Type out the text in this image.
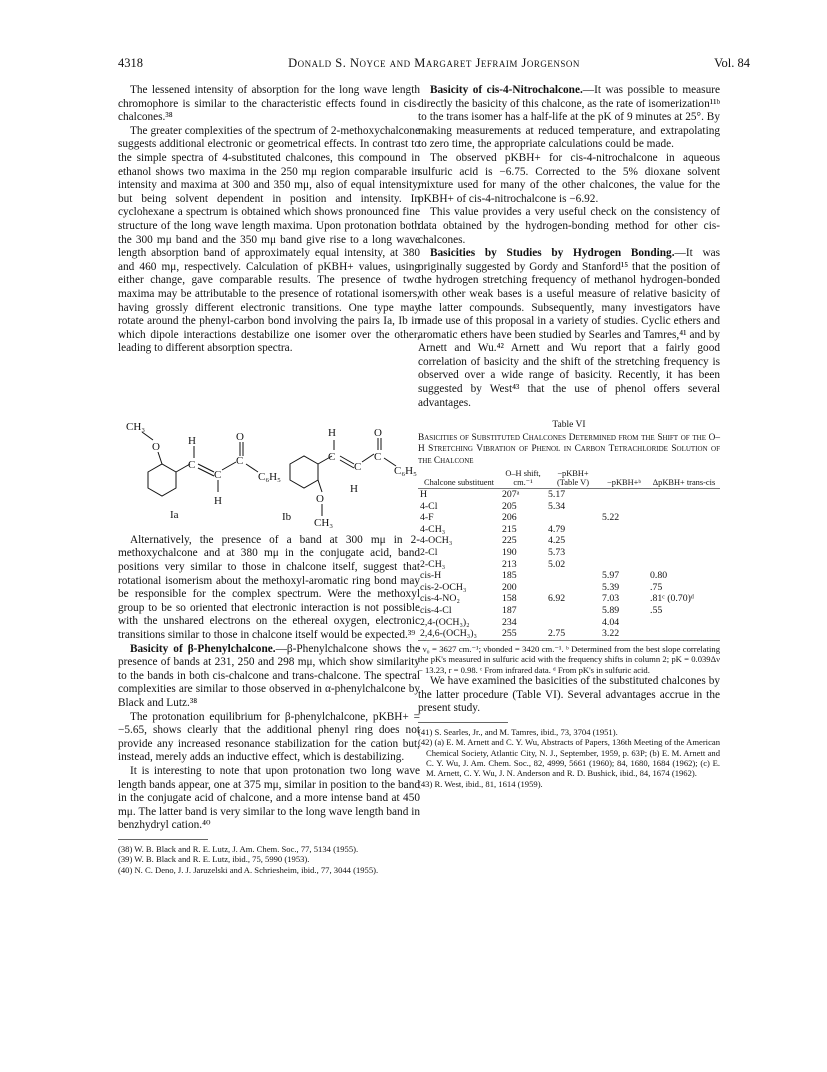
4318	Donald S. Noyce and Margaret Jefraim Jorgenson	Vol. 84

The lessened intensity of absorption for the long wave length chromophore is similar to the characteristic effects found in cis-chalcones.³⁸

The greater complexities of the spectrum of 2-methoxychalcone suggests additional electronic or geometrical effects. In contrast to the simple spectra of 4-substituted chalcones, this compound in ethanol shows two maxima in the 250 mμ region comparable in intensity and maxima at 300 and 350 mμ, also of equal intensity, but being solvent dependent in position and intensity. In cyclohexane a spectrum is obtained which shows pronounced fine structure of the long wave length maxima. Upon protonation both the 300 mμ band and the 350 mμ band give rise to a long wave length absorption band of approximately equal intensity, at 380 and 460 mμ, respectively. Calculation of pKBH+ values, using either change, gave comparable results. The presence of two maxima may be attributable to the presence of rotational isomers, having grossly different electronic transitions. One type may rotate around the phenyl-carbon bond involving the pairs Ia, Ib in which dipole interactions destabilize one isomer over the other, leading to different absorption spectra.

CH₃
O	H
C
C
O
C
C₆H₅
H
Ia
H
C
C
O
C
C₆H₅
H
O
CH₃
Ib

Alternatively, the presence of a band at 300 mμ in 2-methoxychalcone and at 380 mμ in the conjugate acid, band positions very similar to those in chalcone itself, suggest that rotational isomerism about the methoxyl-aromatic ring bond may be responsible for the complex spectrum. Were the methoxyl group to be so oriented that electronic interaction is not possible with the unshared electrons on the ethereal oxygen, electronic transitions similar to those in chalcone itself would be expected.³⁹

Basicity of β-Phenylchalcone.—β-Phenylchalcone shows the presence of bands at 231, 250 and 298 mμ, which show similarity to the bands in both cis-chalcone and trans-chalcone. The spectral complexities are similar to those observed in α-phenylchalcone by Black and Lutz.³⁸

The protonation equilibrium for β-phenylchalcone, pKBH+ = −5.65, shows clearly that the additional phenyl ring does not provide any increased resonance stabilization for the cation but, instead, merely adds an inductive effect, which is destabilizing.

It is interesting to note that upon protonation two long wave length bands appear, one at 375 mμ, similar in position to the band in the conjugate acid of chalcone, and a more intense band at 450 mμ. The latter band is very similar to the long wave length band in benzhydryl cation.⁴⁰

(38) W. B. Black and R. E. Lutz, J. Am. Chem. Soc., 77, 5134 (1955).
(39) W. B. Black and R. E. Lutz, ibid., 75, 5990 (1953).
(40) N. C. Deno, J. J. Jaruzelski and A. Schriesheim, ibid., 77, 3044 (1955).

Basicity of cis-4-Nitrochalcone.—It was possible to measure directly the basicity of this chalcone, as the rate of isomerization¹¹ᵇ to the trans isomer has a half-life at the pK of 9 minutes at 25°. By making measurements at reduced temperature, and extrapolating to zero time, the appropriate calculations could be made.

The observed pKBH+ for cis-4-nitrochalcone in aqueous sulfuric acid is −6.75. Corrected to the 5% dioxane solvent mixture used for many of the other chalcones, the value for the pKBH+ of cis-4-nitrochalcone is −6.92.

This value provides a very useful check on the consistency of data obtained by the hydrogen-bonding method for other cis-chalcones.

Basicities by Studies by Hydrogen Bonding.—It was originally suggested by Gordy and Stanford¹⁵ that the position of the hydrogen stretching frequency of methanol hydrogen-bonded with other weak bases is a useful measure of relative basicity of the latter compounds. Subsequently, many investigators have made use of this proposal in a variety of studies. Cyclic ethers and aromatic ethers have been studied by Searles and Tamres,⁴¹ and by Arnett and Wu.⁴² Arnett and Wu report that a fairly good correlation of basicity and the shift of the stretching frequency is observed over a wide range of basicity. Recently, it has been suggested by West⁴³ that the use of phenol offers several advantages.

Table VI
Basicities of Substituted Chalcones Determined from the Shift of the O–H Stretching Vibration of Phenol in Carbon Tetrachloride Solution of the Chalcone
Chalcone substituent	O–H shift, cm.⁻¹	−pKBH+ (Table V)	−pKBH+ᵇ	ΔpKBH+ trans-cis
H	207ᵃ	5.17		
4-Cl	205	5.34		
4-F	206		5.22	
4-CH₃	215	4.79		
4-OCH₃	225	4.25		
2-Cl	190	5.73		
2-CH₃	213	5.02		
cis-H	185		5.97	0.80
cis-2-OCH₃	200		5.39	.75
cis-4-NO₂	158	6.92	7.03	.81ᶜ (0.70)ᵈ
cis-4-Cl	187		5.89	.55
2,4-(OCH₃)₂	234		4.04	
2,4,6-(OCH₃)₃	255	2.75	3.22	
ᵃ ν₀ = 3627 cm.⁻¹; νbonded = 3420 cm.⁻¹. ᵇ Determined from the best slope correlating the pK's measured in sulfuric acid with the frequency shifts in column 2; pK = 0.039Δν − 13.23, r = 0.98. ᶜ From infrared data. ᵈ From pK's in sulfuric acid.

We have examined the basicities of the substituted chalcones by the latter procedure (Table VI). Several advantages accrue in the present study.

(41) S. Searles, Jr., and M. Tamres, ibid., 73, 3704 (1951).
(42) (a) E. M. Arnett and C. Y. Wu, Abstracts of Papers, 136th Meeting of the American Chemical Society, Atlantic City, N. J., September, 1959, p. 63P; (b) E. M. Arnett and C. Y. Wu, J. Am. Chem. Soc., 82, 4999, 5661 (1960); 84, 1680, 1684 (1962); (c) E. M. Arnett, C. Y. Wu, J. N. Anderson and R. D. Bushick, ibid., 84, 1674 (1962).
(43) R. West, ibid., 81, 1614 (1959).
